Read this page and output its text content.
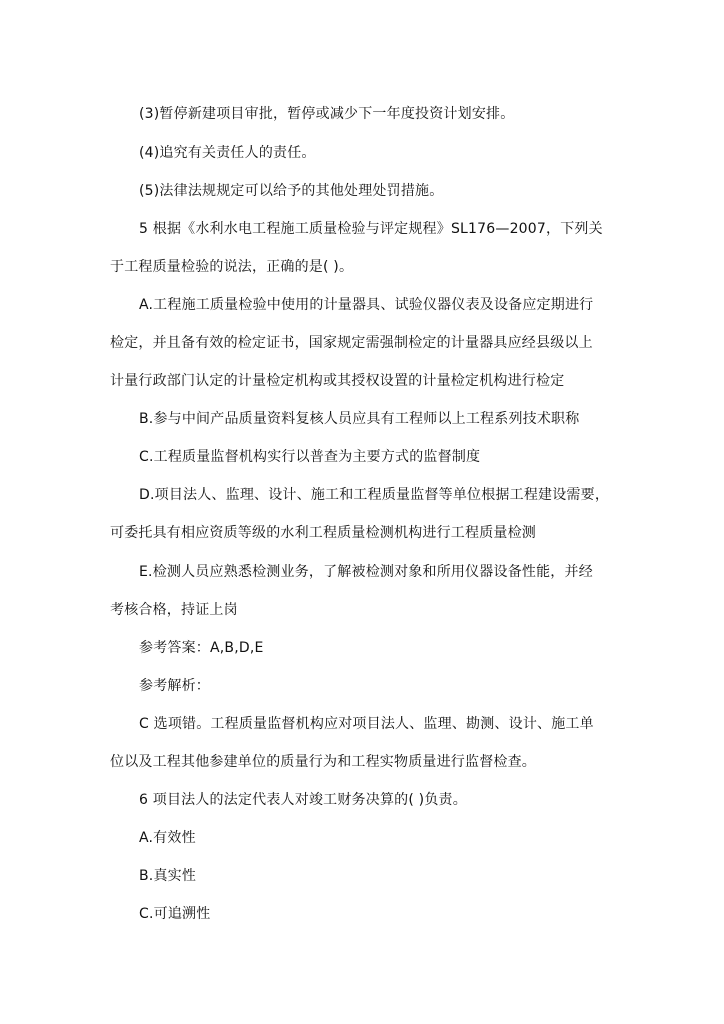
(3)暂停新建项目审批，暂停或减少下一年度投资计划安排。
(4)追究有关责任人的责任。
(5)法律法规规定可以给予的其他处理处罚措施。
5 根据《水利水电工程施工质量检验与评定规程》SL176—2007，下列关
于工程质量检验的说法，正确的是( )。
A.工程施工质量检验中使用的计量器具、试验仪器仪表及设备应定期进行
检定，并且备有效的检定证书，国家规定需强制检定的计量器具应经县级以上
计量行政部门认定的计量检定机构或其授权设置的计量检定机构进行检定
B.参与中间产品质量资料复核人员应具有工程师以上工程系列技术职称
C.工程质量监督机构实行以普查为主要方式的监督制度
D.项目法人、监理、设计、施工和工程质量监督等单位根据工程建设需要，
可委托具有相应资质等级的水利工程质量检测机构进行工程质量检测
E.检测人员应熟悉检测业务，了解被检测对象和所用仪器设备性能，并经
考核合格，持证上岗
参考答案：A,B,D,E
参考解析：
C 选项错。工程质量监督机构应对项目法人、监理、勘测、设计、施工单
位以及工程其他参建单位的质量行为和工程实物质量进行监督检查。
6 项目法人的法定代表人对竣工财务决算的( )负责。
A.有效性
B.真实性
C.可追溯性
